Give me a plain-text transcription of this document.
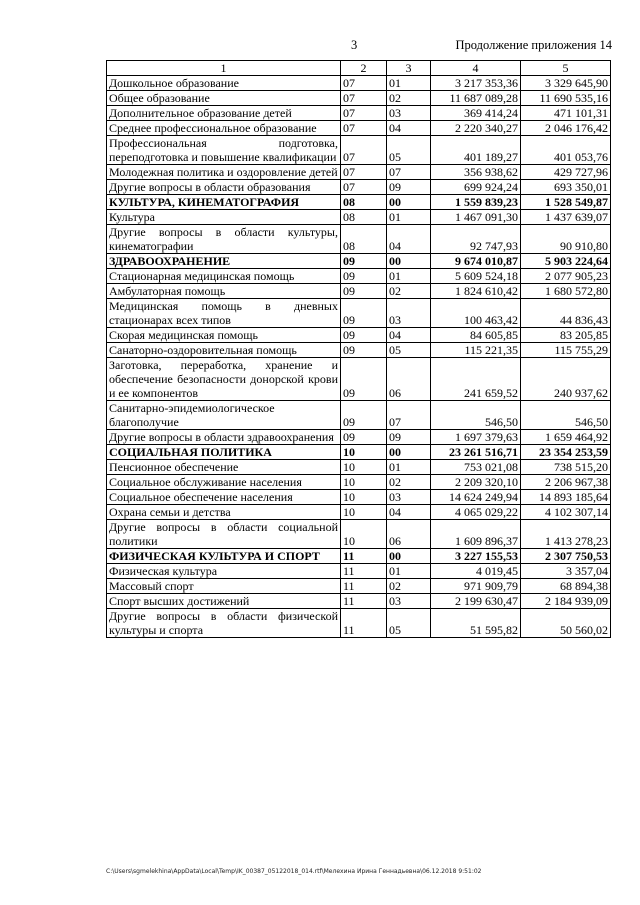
3	Продолжение приложения 14
1	2	3	4	5
Дошкольное образование	07	01	3 217 353,36	3 329 645,90
Общее образование	07	02	11 687 089,28	11 690 535,16
Дополнительное образование детей	07	03	369 414,24	471 101,31
Среднее профессиональное образование	07	04	2 220 340,27	2 046 176,42
Профессиональная подготовка, переподготовка и повышение квалификации	07	05	401 189,27	401 053,76
Молодежная политика и оздоровление детей	07	07	356 938,62	429 727,96
Другие вопросы в области образования	07	09	699 924,24	693 350,01
КУЛЬТУРА, КИНЕМАТОГРАФИЯ	08	00	1 559 839,23	1 528 549,87
Культура	08	01	1 467 091,30	1 437 639,07
Другие вопросы в области культуры, кинематографии	08	04	92 747,93	90 910,80
ЗДРАВООХРАНЕНИЕ	09	00	9 674 010,87	5 903 224,64
Стационарная медицинская помощь	09	01	5 609 524,18	2 077 905,23
Амбулаторная помощь	09	02	1 824 610,42	1 680 572,80
Медицинская помощь в дневных стационарах всех типов	09	03	100 463,42	44 836,43
Скорая медицинская помощь	09	04	84 605,85	83 205,85
Санаторно-оздоровительная помощь	09	05	115 221,35	115 755,29
Заготовка, переработка, хранение и обеспечение безопасности донорской крови и ее компонентов	09	06	241 659,52	240 937,62
Санитарно-эпидемиологическое благополучие	09	07	546,50	546,50
Другие вопросы в области здравоохранения	09	09	1 697 379,63	1 659 464,92
СОЦИАЛЬНАЯ ПОЛИТИКА	10	00	23 261 516,71	23 354 253,59
Пенсионное обеспечение	10	01	753 021,08	738 515,20
Социальное обслуживание населения	10	02	2 209 320,10	2 206 967,38
Социальное обеспечение населения	10	03	14 624 249,94	14 893 185,64
Охрана семьи и детства	10	04	4 065 029,22	4 102 307,14
Другие вопросы в области социальной политики	10	06	1 609 896,37	1 413 278,23
ФИЗИЧЕСКАЯ КУЛЬТУРА И СПОРТ	11	00	3 227 155,53	2 307 750,53
Физическая культура	11	01	4 019,45	3 357,04
Массовый спорт	11	02	971 909,79	68 894,38
Спорт высших достижений	11	03	2 199 630,47	2 184 939,09
Другие вопросы в области физической культуры и спорта	11	05	51 595,82	50 560,02
C:\Users\sgmelekhina\AppData\Local\Temp\IK_00387_05122018_014.rtf\Мелехина Ирина Геннадьевна\06.12.2018 9:51:02
